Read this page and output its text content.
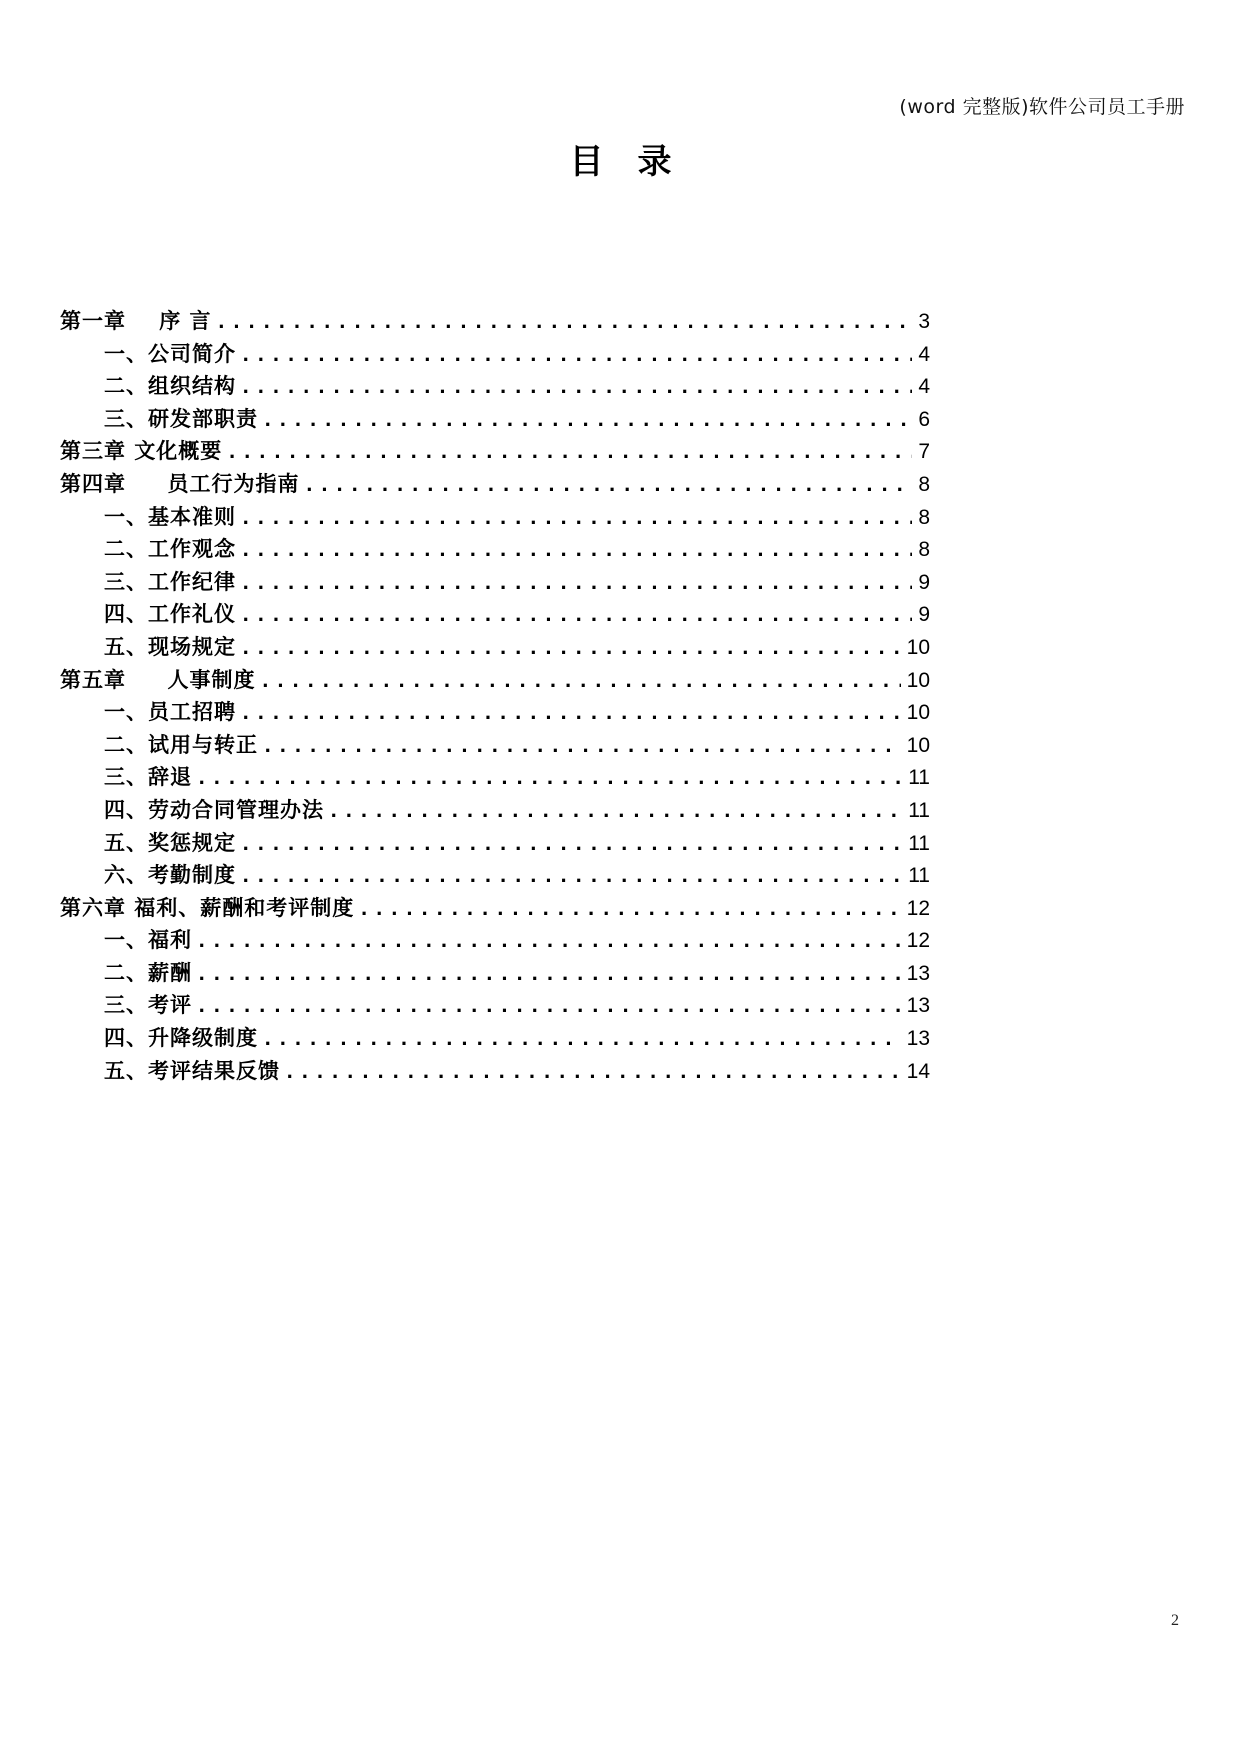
(word 完整版)软件公司员工手册
目录
第一章    序 言 .....	3
一、公司简介 .....	4
二、组织结构 .....	4
三、研发部职责 .....	6
第三章 文化概要 .....	7
第四章     员工行为指南 .....	8
一、基本准则 .....	8
二、工作观念 .....	8
三、工作纪律 .....	9
四、工作礼仪 .....	9
五、现场规定 .....	10
第五章     人事制度 .....	10
一、员工招聘 .....	10
二、试用与转正 .....	10
三、辞退 .....	11
四、劳动合同管理办法 .....	11
五、奖惩规定 .....	11
六、考勤制度 .....	11
第六章 福利、薪酬和考评制度 .....	12
一、福利 .....	12
二、薪酬 .....	13
三、考评 .....	13
四、升降级制度 .....	13
五、考评结果反馈 .....	14
2
